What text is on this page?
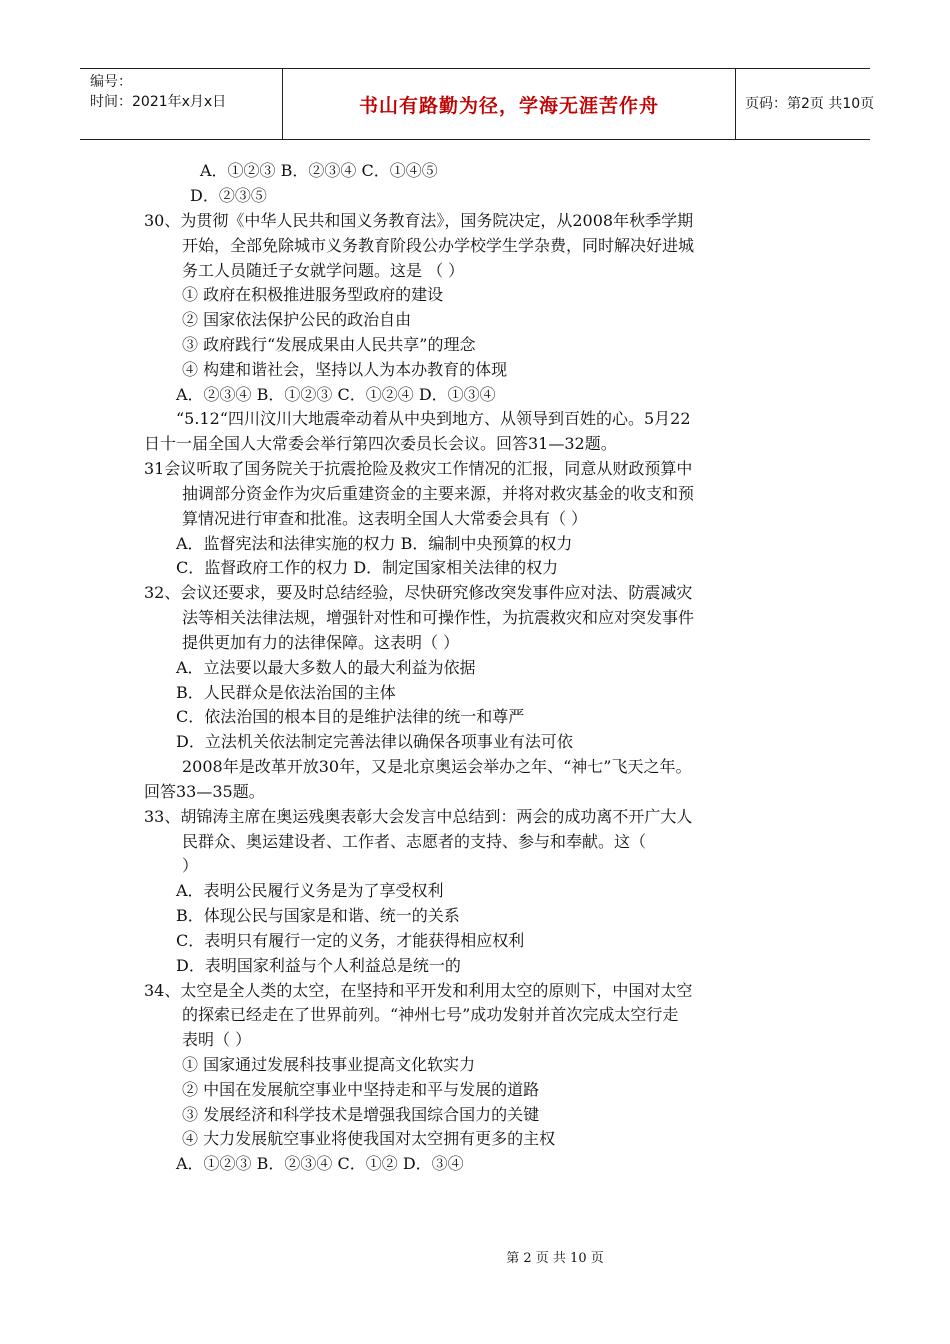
编号：
时间：2021年x月x日	书山有路勤为径，学海无涯苦作舟	页码：第2页 共10页
A．①②③ B．②③④ C．①④⑤
D．②③⑤
30、为贯彻《中华人民共和国义务教育法》，国务院决定，从2008年秋季学期
开始，全部免除城市义务教育阶段公办学校学生学杂费，同时解决好进城
务工人员随迁子女就学问题。这是 （ ）
① 政府在积极推进服务型政府的建设
② 国家依法保护公民的政治自由
③ 政府践行“发展成果由人民共享”的理念
④ 构建和谐社会，坚持以人为本办教育的体现
A．②③④ B．①②③ C．①②④ D．①③④
“5.12“四川汶川大地震牵动着从中央到地方、从领导到百姓的心。5月22
日十一届全国人大常委会举行第四次委员长会议。回答31—32题。
31会议听取了国务院关于抗震抢险及救灾工作情况的汇报，同意从财政预算中
抽调部分资金作为灾后重建资金的主要来源，并将对救灾基金的收支和预
算情况进行审查和批准。这表明全国人大常委会具有（ ）
A．监督宪法和法律实施的权力 B．编制中央预算的权力
C．监督政府工作的权力 D．制定国家相关法律的权力
32、会议还要求，要及时总结经验，尽快研究修改突发事件应对法、防震减灾
法等相关法律法规，增强针对性和可操作性，为抗震救灾和应对突发事件
提供更加有力的法律保障。这表明（ ）
A．立法要以最大多数人的最大利益为依据
B．人民群众是依法治国的主体
C．依法治国的根本目的是维护法律的统一和尊严
D．立法机关依法制定完善法律以确保各项事业有法可依
2008年是改革开放30年，又是北京奥运会举办之年、“神七”飞天之年。
回答33—35题。
33、胡锦涛主席在奥运残奥表彰大会发言中总结到：两会的成功离不开广大人
民群众、奥运建设者、工作者、志愿者的支持、参与和奉献。这（
）
A．表明公民履行义务是为了享受权利
B．体现公民与国家是和谐、统一的关系
C．表明只有履行一定的义务，才能获得相应权利
D．表明国家利益与个人利益总是统一的
34、太空是全人类的太空，在坚持和平开发和利用太空的原则下，中国对太空
的探索已经走在了世界前列。“神州七号”成功发射并首次完成太空行走
表明（ ）
① 国家通过发展科技事业提高文化软实力
② 中国在发展航空事业中坚持走和平与发展的道路
③ 发展经济和科学技术是增强我国综合国力的关键
④ 大力发展航空事业将使我国对太空拥有更多的主权
A．①②③ B．②③④ C．①② D．③④
第 2 页 共 10 页
